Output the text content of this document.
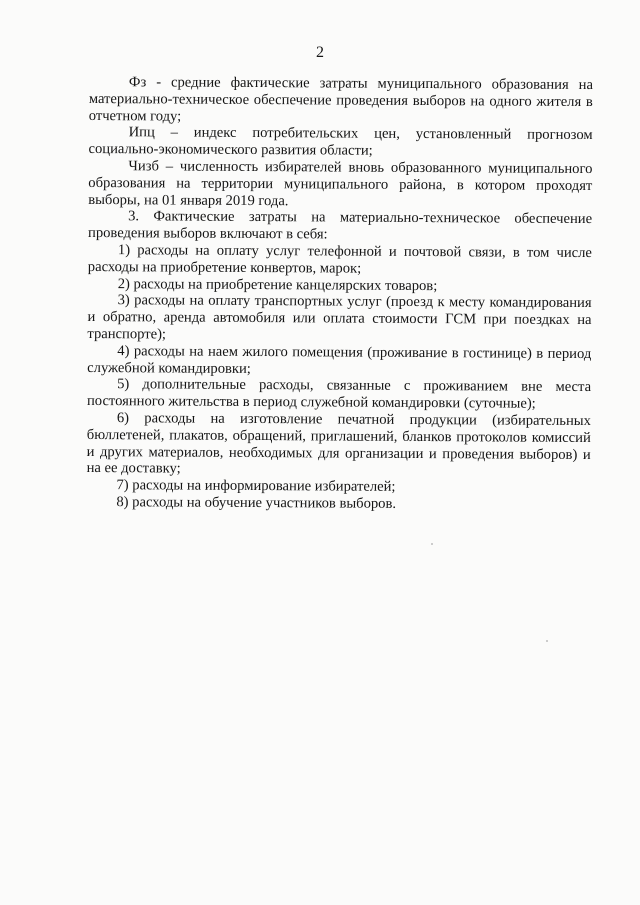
2

Фз - средние фактические затраты муниципального образования на материально-техническое обеспечение проведения выборов на одного жителя в отчетном году;

Ипц – индекс потребительских цен, установленный прогнозом социально-экономического развития области;

Чизб – численность избирателей вновь образованного муниципального образования на территории муниципального района, в котором проходят выборы, на 01 января 2019 года.

3. Фактические затраты на материально-техническое обеспечение проведения выборов включают в себя:

1) расходы на оплату услуг телефонной и почтовой связи, в том числе расходы на приобретение конвертов, марок;

2) расходы на приобретение канцелярских товаров;

3) расходы на оплату транспортных услуг (проезд к месту командирования и обратно, аренда автомобиля или оплата стоимости ГСМ при поездках на транспорте);

4) расходы на наем жилого помещения (проживание в гостинице) в период служебной командировки;

5) дополнительные расходы, связанные с проживанием вне места постоянного жительства в период служебной командировки (суточные);

6) расходы на изготовление печатной продукции (избирательных бюллетеней, плакатов, обращений, приглашений, бланков протоколов комиссий и других материалов, необходимых для организации и проведения выборов) и на ее доставку;

7) расходы на информирование избирателей;

8) расходы на обучение участников выборов.
